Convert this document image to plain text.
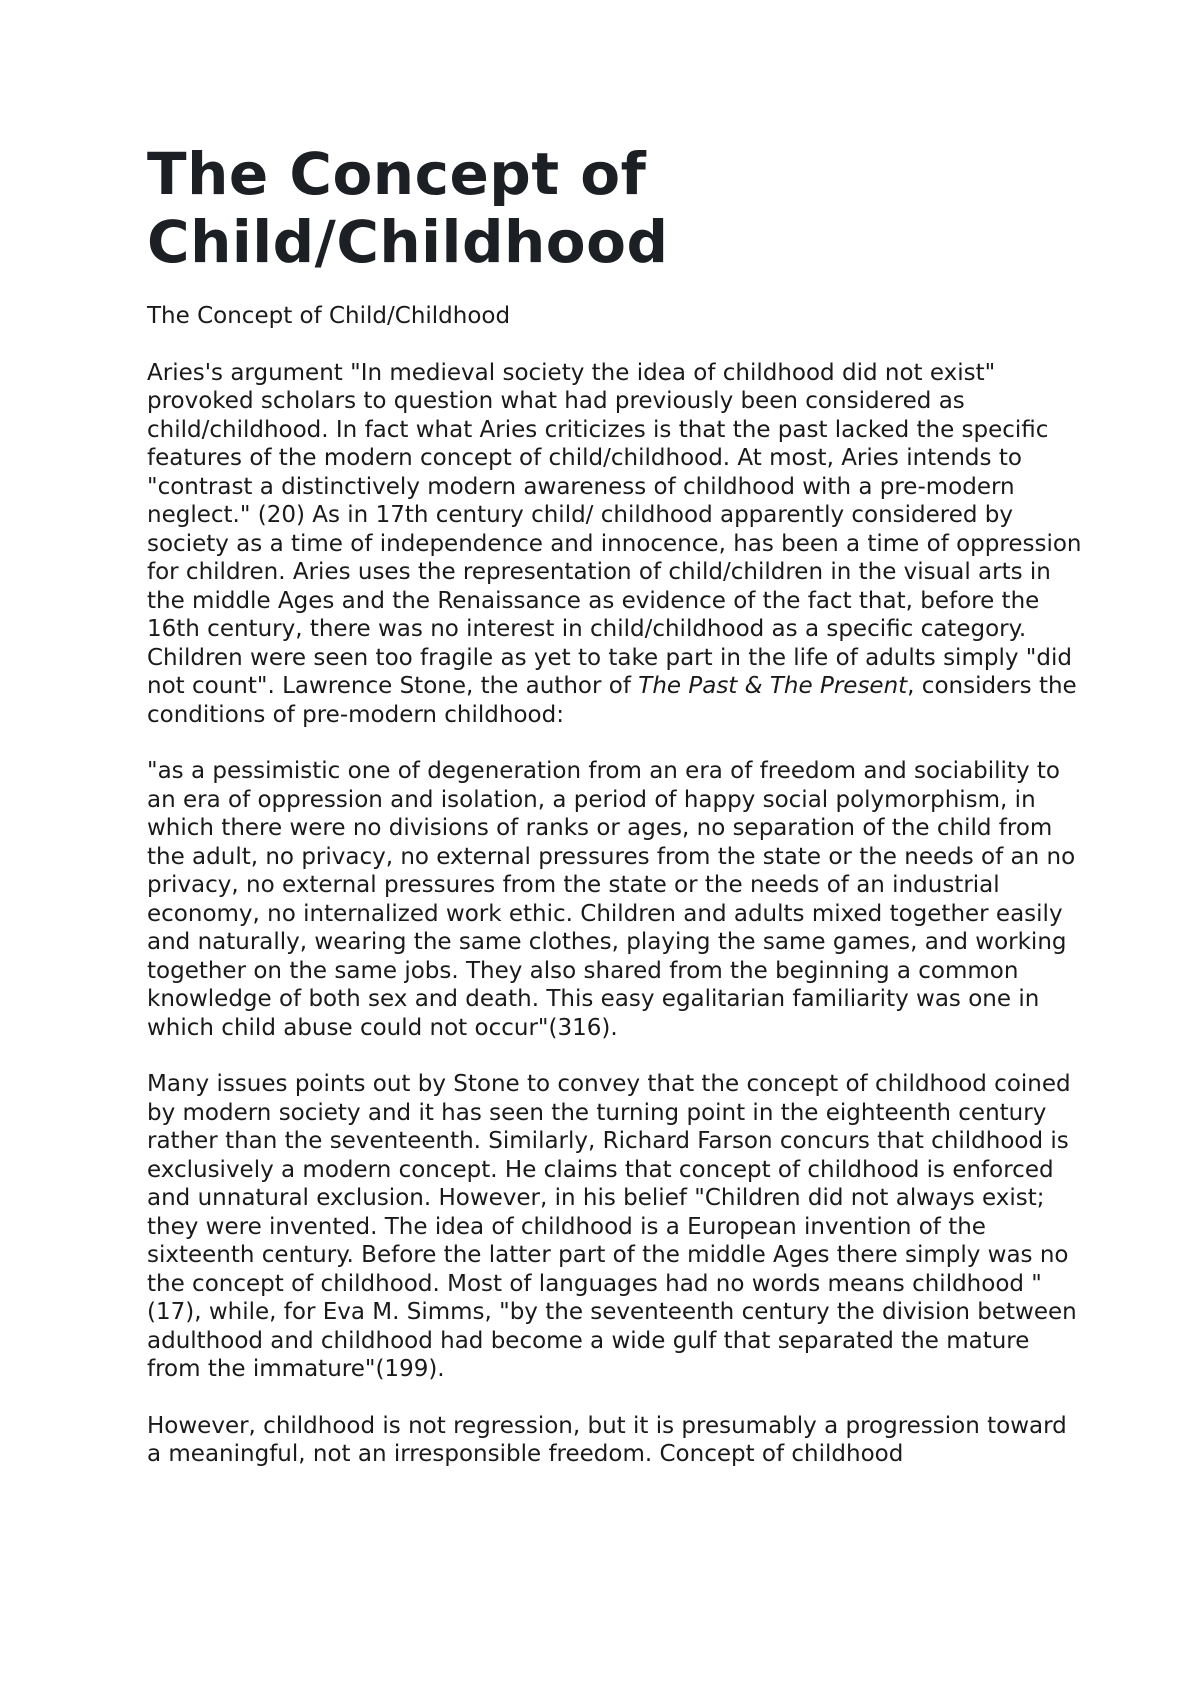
The Concept of Child/Childhood

The Concept of Child/Childhood

Aries's argument "In medieval society the idea of childhood did not exist" provoked scholars to question what had previously been considered as child/childhood. In fact what Aries criticizes is that the past lacked the specific features of the modern concept of child/childhood. At most, Aries intends to "contrast a distinctively modern awareness of childhood with a pre-modern neglect." (20) As in 17th century child/ childhood apparently considered by society as a time of independence and innocence, has been a time of oppression for children. Aries uses the representation of child/children in the visual arts in the middle Ages and the Renaissance as evidence of the fact that, before the 16th century, there was no interest in child/childhood as a specific category. Children were seen too fragile as yet to take part in the life of adults simply "did not count". Lawrence Stone, the author of The Past & The Present, considers the conditions of pre-modern childhood:

"as a pessimistic one of degeneration from an era of freedom and sociability to an era of oppression and isolation, a period of happy social polymorphism, in which there were no divisions of ranks or ages, no separation of the child from the adult, no privacy, no external pressures from the state or the needs of an no privacy, no external pressures from the state or the needs of an industrial economy, no internalized work ethic. Children and adults mixed together easily and naturally, wearing the same clothes, playing the same games, and working together on the same jobs. They also shared from the beginning a common knowledge of both sex and death. This easy egalitarian familiarity was one in which child abuse could not occur"(316).

Many issues points out by Stone to convey that the concept of childhood coined by modern society and it has seen the turning point in the eighteenth century rather than the seventeenth. Similarly, Richard Farson concurs that childhood is exclusively a modern concept. He claims that concept of childhood is enforced and unnatural exclusion. However, in his belief "Children did not always exist; they were invented. The idea of childhood is a European invention of the sixteenth century. Before the latter part of the middle Ages there simply was no the concept of childhood. Most of languages had no words means childhood "(17), while, for Eva M. Simms, "by the seventeenth century the division between adulthood and childhood had become a wide gulf that separated the mature from the immature"(199).

However, childhood is not regression, but it is presumably a progression toward a meaningful, not an irresponsible freedom. Concept of childhood
